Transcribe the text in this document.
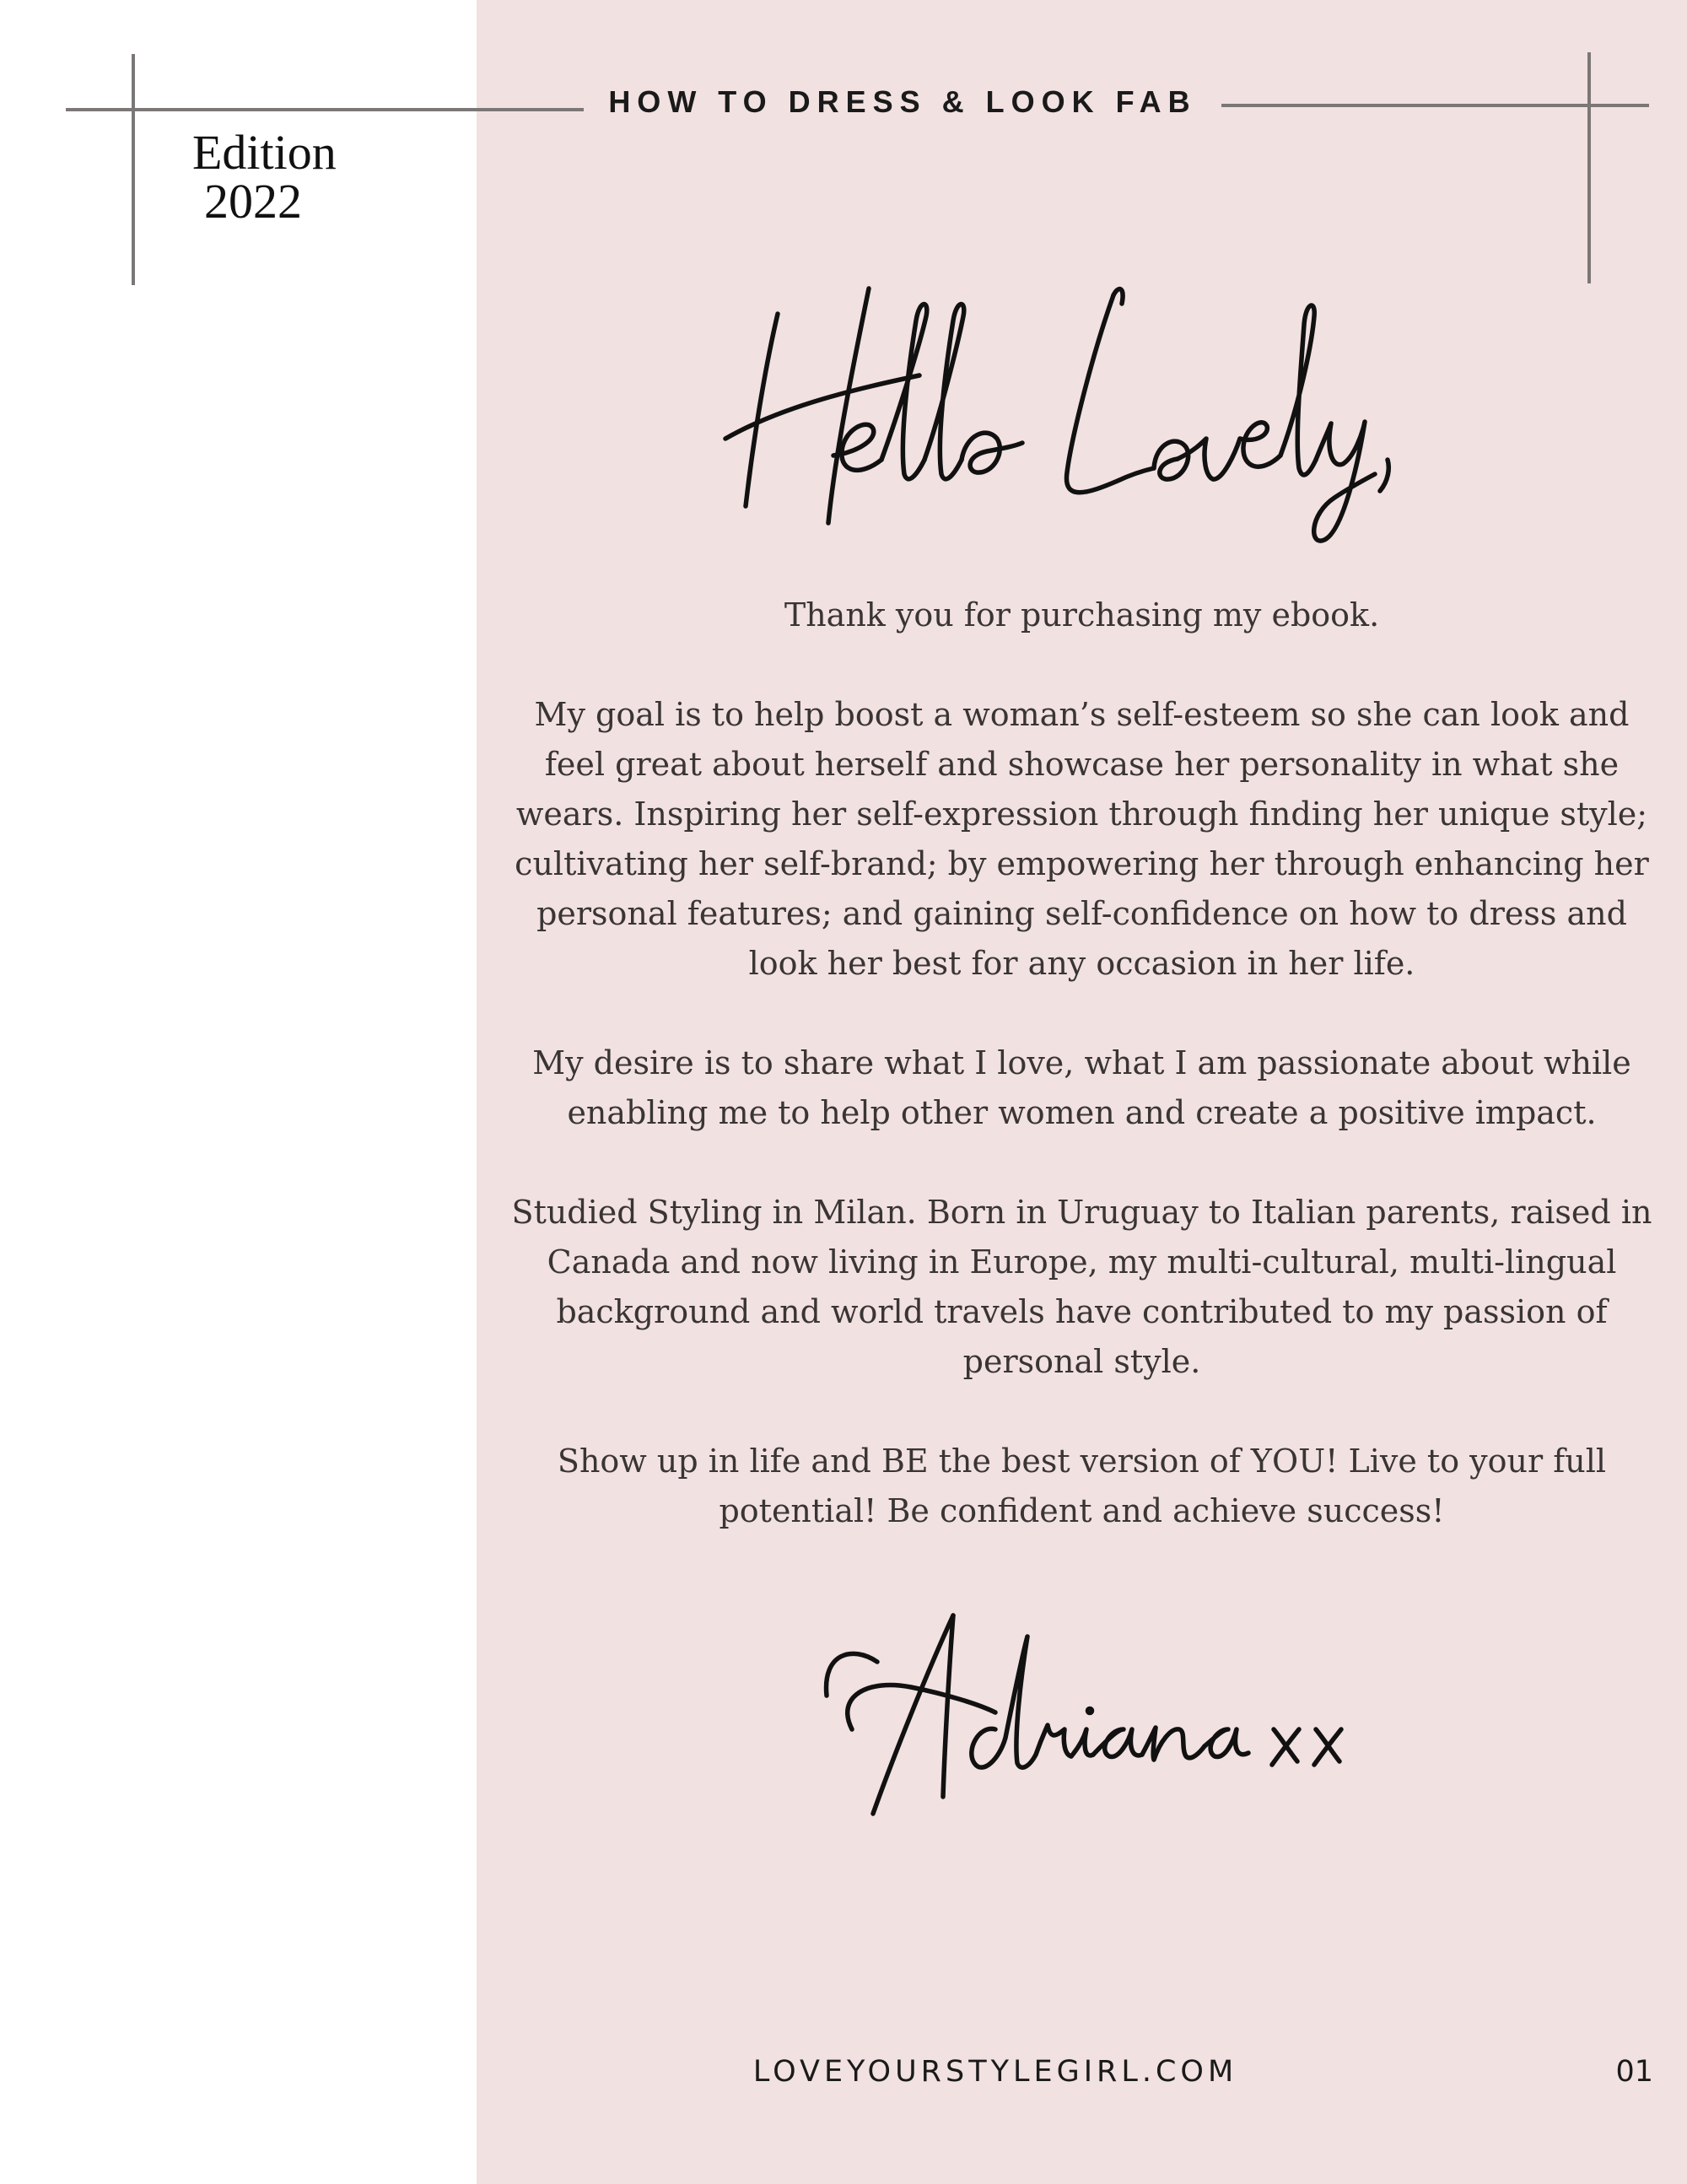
Edition
2022
HOW TO DRESS & LOOK FAB

Thank you for purchasing my ebook.

My goal is to help boost a woman’s self-esteem so she can look and feel great about herself and showcase her personality in what she wears. Inspiring her self-expression through finding her unique style; cultivating her self-brand; by empowering her through enhancing her personal features; and gaining self-confidence on how to dress and look her best for any occasion in her life.

My desire is to share what I love, what I am passionate about while enabling me to help other women and create a positive impact.

Studied Styling in Milan. Born in Uruguay to Italian parents, raised in Canada and now living in Europe, my multi-cultural, multi-lingual background and world travels have contributed to my passion of personal style.

Show up in life and BE the best version of YOU! Live to your full potential! Be confident and achieve success!

LOVEYOURSTYLEGIRL.COM	01
